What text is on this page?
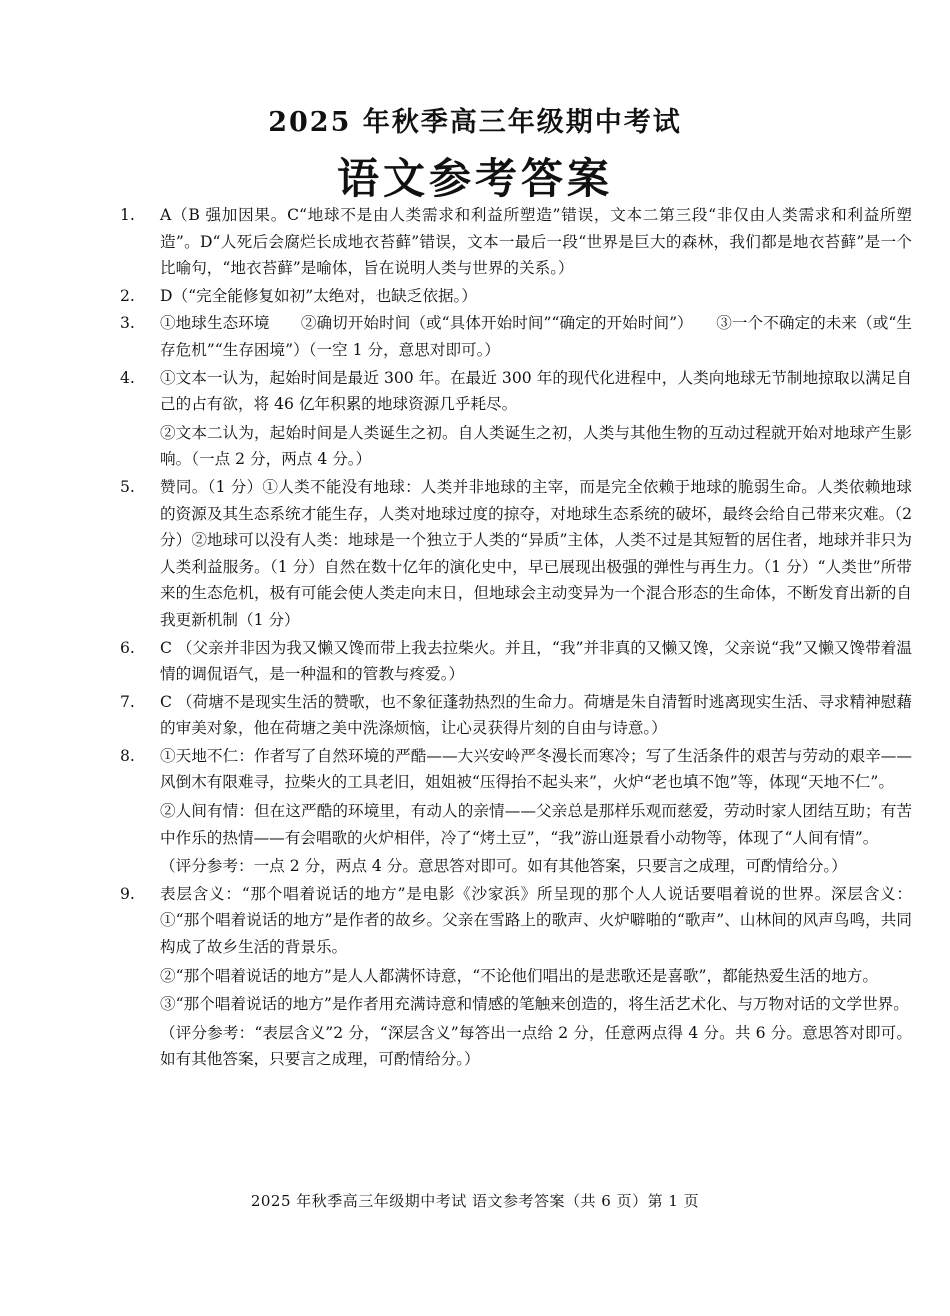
2025 年秋季高三年级期中考试
语文参考答案
1.	A（B 强加因果。C“地球不是由人类需求和利益所塑造”错误，文本二第三段“非仅由人类需求和利益所塑造”。D“人死后会腐烂长成地衣苔藓”错误，文本一最后一段“世界是巨大的森林，我们都是地衣苔藓”是一个比喻句，“地衣苔藓”是喻体，旨在说明人类与世界的关系。）
2.	D（“完全能修复如初”太绝对，也缺乏依据。）
3.	①地球生态环境　　②确切开始时间（或“具体开始时间”“确定的开始时间”）　　③一个不确定的未来（或“生存危机”“生存困境”）（一空 1 分，意思对即可。）
4.	①文本一认为，起始时间是最近 300 年。在最近 300 年的现代化进程中，人类向地球无节制地掠取以满足自己的占有欲，将 46 亿年积累的地球资源几乎耗尽。
②文本二认为，起始时间是人类诞生之初。自人类诞生之初，人类与其他生物的互动过程就开始对地球产生影响。（一点 2 分，两点 4 分。）
5.	赞同。（1 分）①人类不能没有地球：人类并非地球的主宰，而是完全依赖于地球的脆弱生命。人类依赖地球的资源及其生态系统才能生存，人类对地球过度的掠夺，对地球生态系统的破坏，最终会给自己带来灾难。（2 分）②地球可以没有人类：地球是一个独立于人类的“异质”主体，人类不过是其短暂的居住者，地球并非只为人类利益服务。（1 分）自然在数十亿年的演化史中，早已展现出极强的弹性与再生力。（1 分）“人类世”所带来的生态危机，极有可能会使人类走向末日，但地球会主动变异为一个混合形态的生命体，不断发育出新的自我更新机制（1 分）
6.	C （父亲并非因为我又懒又馋而带上我去拉柴火。并且，“我”并非真的又懒又馋，父亲说“我”又懒又馋带着温情的调侃语气，是一种温和的管教与疼爱。）
7.	C （荷塘不是现实生活的赞歌，也不象征蓬勃热烈的生命力。荷塘是朱自清暂时逃离现实生活、寻求精神慰藉的审美对象，他在荷塘之美中洗涤烦恼，让心灵获得片刻的自由与诗意。）
8.	①天地不仁：作者写了自然环境的严酷——大兴安岭严冬漫长而寒冷；写了生活条件的艰苦与劳动的艰辛——风倒木有限难寻，拉柴火的工具老旧，姐姐被“压得抬不起头来”，火炉“老也填不饱”等，体现“天地不仁”。
②人间有情：但在这严酷的环境里，有动人的亲情——父亲总是那样乐观而慈爱，劳动时家人团结互助；有苦中作乐的热情——有会唱歌的火炉相伴，冷了“烤土豆”，“我”游山逛景看小动物等，体现了“人间有情”。
（评分参考：一点 2 分，两点 4 分。意思答对即可。如有其他答案，只要言之成理，可酌情给分。）
9.	表层含义：“那个唱着说话的地方”是电影《沙家浜》所呈现的那个人人说话要唱着说的世界。深层含义：①“那个唱着说话的地方”是作者的故乡。父亲在雪路上的歌声、火炉噼啪的“歌声”、山林间的风声鸟鸣，共同构成了故乡生活的背景乐。
②“那个唱着说话的地方”是人人都满怀诗意，“不论他们唱出的是悲歌还是喜歌”，都能热爱生活的地方。
③“那个唱着说话的地方”是作者用充满诗意和情感的笔触来创造的，将生活艺术化、与万物对话的文学世界。
（评分参考：“表层含义”2 分，“深层含义”每答出一点给 2 分，任意两点得 4 分。共 6 分。意思答对即可。如有其他答案，只要言之成理，可酌情给分。）
2025 年秋季高三年级期中考试 语文参考答案（共 6 页）第 1 页
